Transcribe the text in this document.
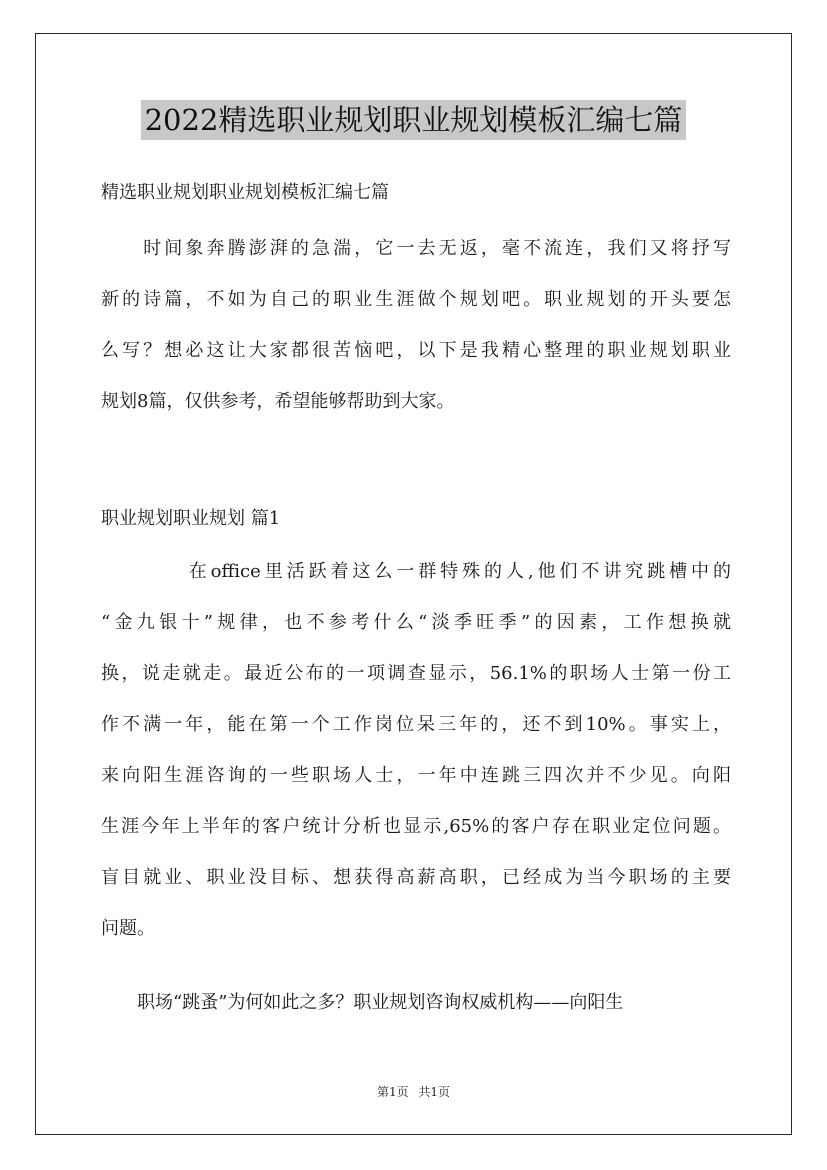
2022精选职业规划职业规划模板汇编七篇

精选职业规划职业规划模板汇编七篇

　　时间象奔腾澎湃的急湍，它一去无返，毫不流连，我们又将抒写
新的诗篇，不如为自己的职业生涯做个规划吧。职业规划的开头要怎
么写？想必这让大家都很苦恼吧，以下是我精心整理的职业规划职业
规划8篇，仅供参考，希望能够帮助到大家。

职业规划职业规划 篇1

　　　　在office里活跃着这么一群特殊的人,他们不讲究跳槽中的
“金九银十”规律，也不参考什么“淡季旺季”的因素，工作想换就
换，说走就走。最近公布的一项调查显示，56.1%的职场人士第一份工
作不满一年，能在第一个工作岗位呆三年的，还不到10%。事实上，
来向阳生涯咨询的一些职场人士，一年中连跳三四次并不少见。向阳
生涯今年上半年的客户统计分析也显示,65%的客户存在职业定位问题。
盲目就业、职业没目标、想获得高薪高职，已经成为当今职场的主要
问题。
　　职场“跳蚤”为何如此之多？职业规划咨询权威机构——向阳生
第1页 共1页
